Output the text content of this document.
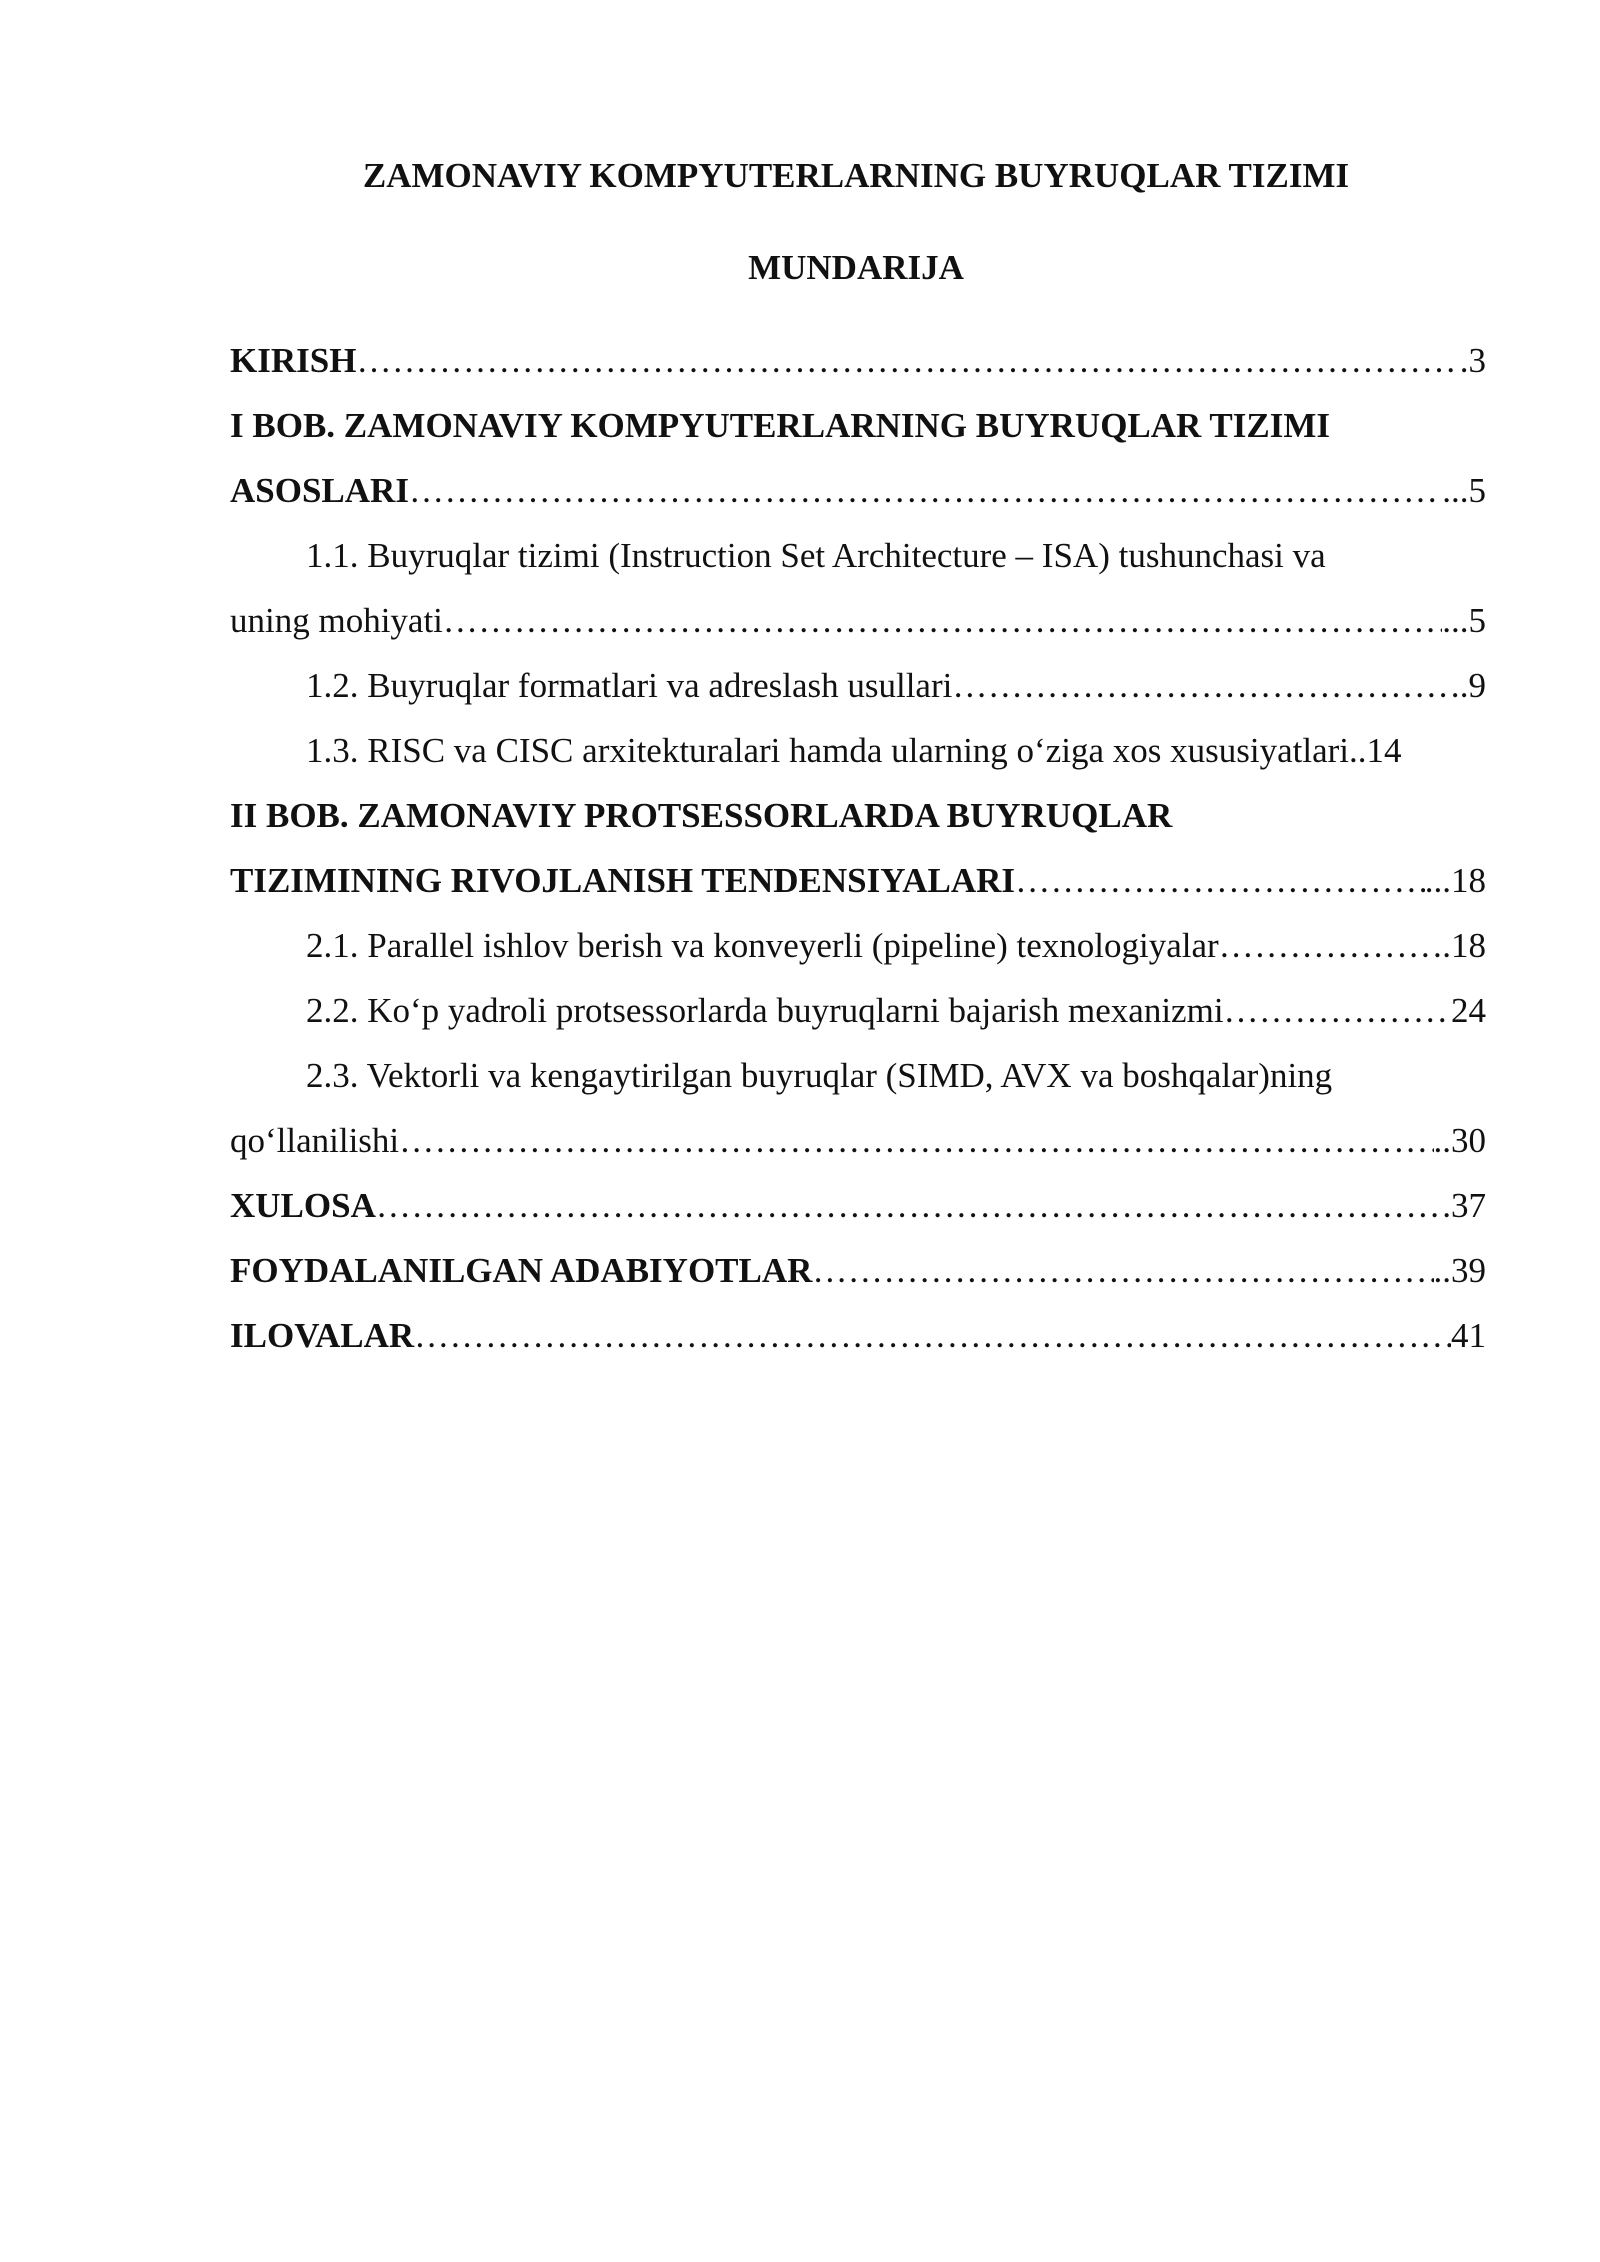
ZAMONAVIY KOMPYUTERLARNING BUYRUQLAR TIZIMI
MUNDARIJA
KIRISH ……………………………………………………………………………………………………………………………………………………………………	.3
I BOB. ZAMONAVIY KOMPYUTERLARNING BUYRUQLAR TIZIMI
ASOSLARI ……………………………………………………………………………………………………………………………………………………………………	...5
1.1. Buyruqlar tizimi (Instruction Set Architecture – ISA) tushunchasi va
uning mohiyati ……………………………………………………………………………………………………………………………………………………………………	...5
1.2. Buyruqlar formatlari va adreslash usullari ……………………………………………………………………………………………………………………………………………………………………	.9
1.3. RISC va CISC arxitekturalari hamda ularning o‘ziga xos xususiyatlari..14
II BOB. ZAMONAVIY PROTSESSORLARDA BUYRUQLAR
TIZIMINING RIVOJLANISH TENDENSIYALARI ……………………………………………………………………………………………………………………………………………………………………	...18
2.1. Parallel ishlov berish va konveyerli (pipeline) texnologiyalar ……………………………………………………………………………………………………………………………………………………………………	.18
2.2. Ko‘p yadroli protsessorlarda buyruqlarni bajarish mexanizmi ……………………………………………………………………………………………………………………………………………………………………	24
2.3. Vektorli va kengaytirilgan buyruqlar (SIMD, AVX va boshqalar)ning
qo‘llanilishi ……………………………………………………………………………………………………………………………………………………………………	..30
XULOSA ……………………………………………………………………………………………………………………………………………………………………	37
FOYDALANILGAN ADABIYOTLAR ……………………………………………………………………………………………………………………………………………………………………	..39
ILOVALAR ……………………………………………………………………………………………………………………………………………………………………	41
